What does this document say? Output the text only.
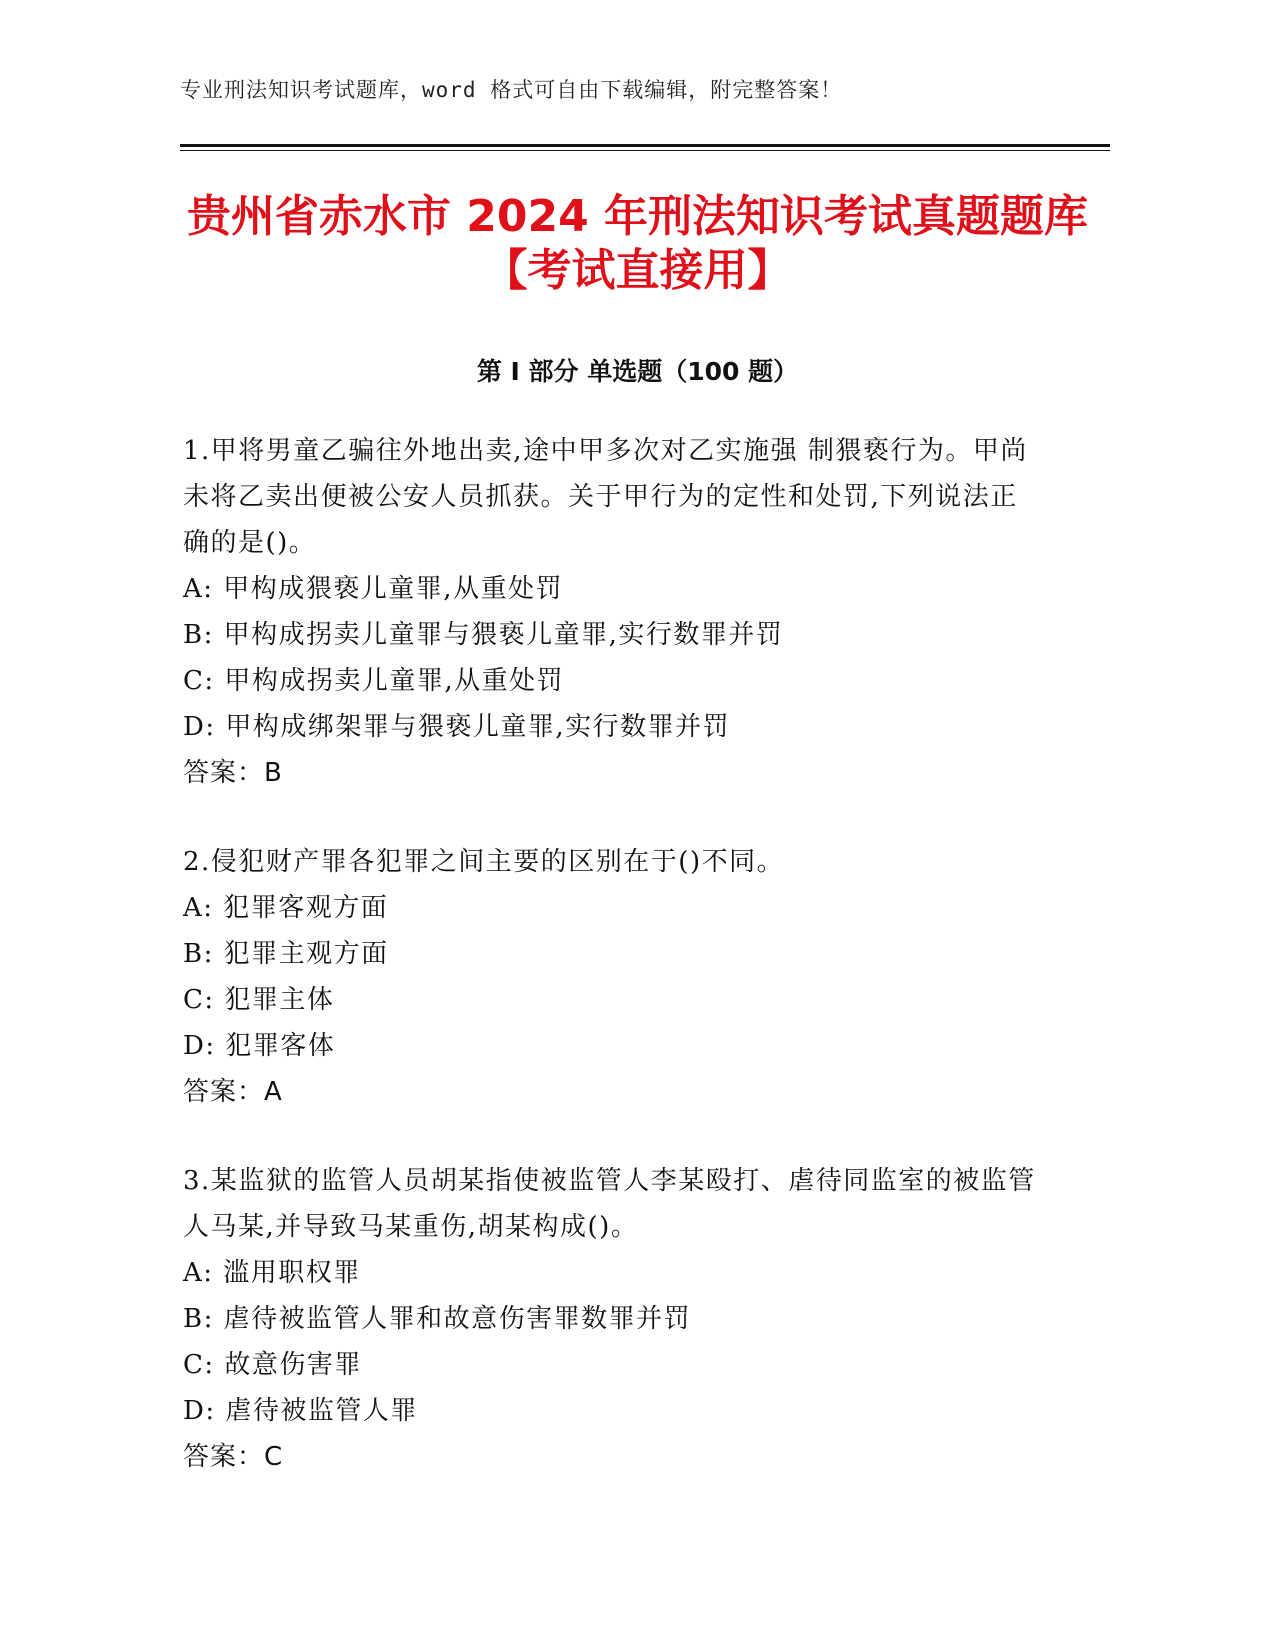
专业刑法知识考试题库，word 格式可自由下载编辑，附完整答案！
贵州省赤水市 2024 年刑法知识考试真题题库
【考试直接用】
第 I 部分 单选题（100 题）
1.甲将男童乙骗往外地出卖,途中甲多次对乙实施强 制猥亵行为。甲尚未将乙卖出便被公安人员抓获。关于甲行为的定性和处罚,下列说法正确的是()。
A: 甲构成猥亵儿童罪,从重处罚
B: 甲构成拐卖儿童罪与猥亵儿童罪,实行数罪并罚
C: 甲构成拐卖儿童罪,从重处罚
D: 甲构成绑架罪与猥亵儿童罪,实行数罪并罚
答案：B
2.侵犯财产罪各犯罪之间主要的区别在于()不同。
A: 犯罪客观方面
B: 犯罪主观方面
C: 犯罪主体
D: 犯罪客体
答案：A
3.某监狱的监管人员胡某指使被监管人李某殴打、虐待同监室的被监管人马某,并导致马某重伤,胡某构成()。
A: 滥用职权罪
B: 虐待被监管人罪和故意伤害罪数罪并罚
C: 故意伤害罪
D: 虐待被监管人罪
答案：C
